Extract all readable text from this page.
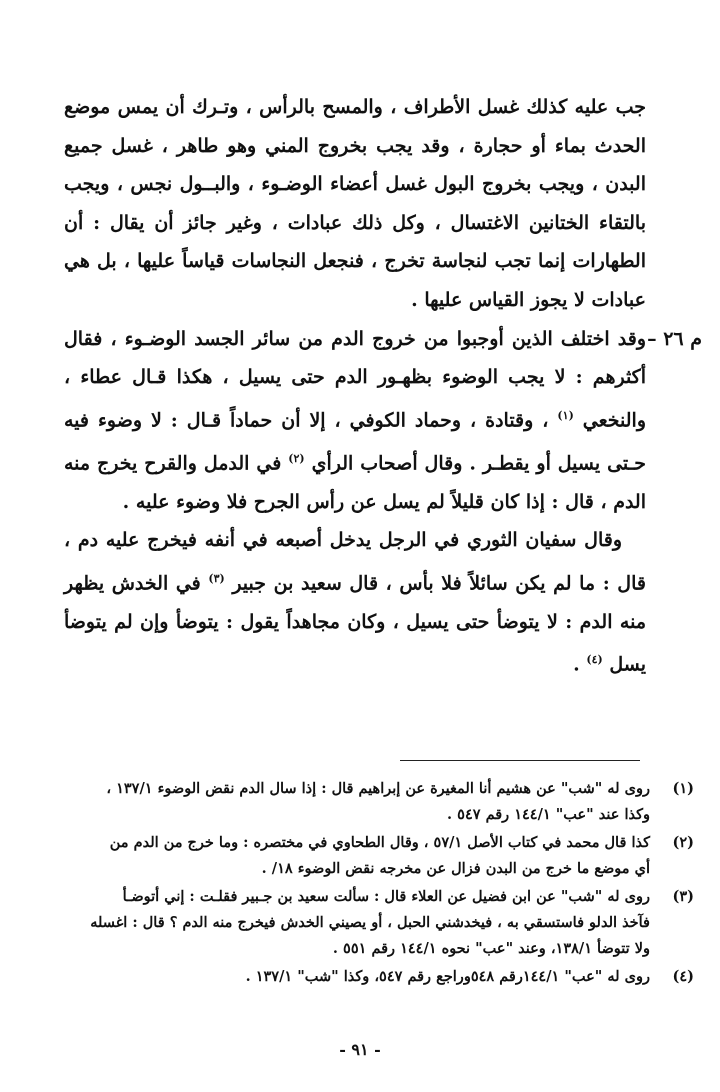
جب عليه كذلك غسل الأطراف ، والمسح بالرأس ، وتـرك أن يمس موضع الحدث بماء أو حجارة ، وقد يجب بخروج المني وهو طاهر ، غسل جميع البدن ، ويجب بخروج البول غسل أعضاء الوضـوء ، والبــول نجس ، ويجب بالتقاء الختانين الاغتسال ، وكل ذلك عبادات ، وغير جائز أن يقال : أن الطهارات إنما تجب لنجاسة تخرج ، فنجعل النجاسات قياساً عليها ، بل هي عبادات لا يجوز القياس عليها .

م ٢٦ –
وقد اختلف الذين أوجبوا من خروج الدم من سائر الجسد الوضـوء ، فقال أكثرهم : لا يجب الوضوء بظهـور الدم حتى يسيل ، هكذا قـال عطاء ، والنخعي $^{(١)}$ ، وقتادة ، وحماد الكوفي ، إلا أن حماداً قـال : لا وضوء فيه حـتى يسيل أو يقطـر . وقال أصحاب الرأي $^{(٢)}$ في الدمل والقرح يخرج منه الدم ، قال : إذا كان قليلاً لم يسل عن رأس الجرح فلا وضوء عليه .

وقال سفيان الثوري في الرجل يدخل أصبعه في أنفه فيخرج عليه دم ، قال : ما لم يكن سائلاً فلا بأس ، قال سعيد بن جبير $^{(٣)}$ في الخدش يظهر منه الدم : لا يتوضأ حتى يسيل ، وكان مجاهداً يقول : يتوضأ وإن لم يتوضأ يسل $^{(٤)}$ .

(١)
روى له "شب" عن هشيم أنا المغيرة عن إبراهيم قال : إذا سال الدم نقض الوضوء ١٣٧/١ ،
وكذا عند "عب" ١٤٤/١ رقم ٥٤٧ .
(٢)
كذا قال محمد في كتاب الأصل ٥٧/١ ، وقال الطحاوي في مختصره : وما خرج من الدم من
أي موضع ما خرج من البدن فزال عن مخرجه نقض الوضوء ١٨/ .
(٣)
روى له "شب" عن ابن فضيل عن العلاء قال : سألت سعيد بن جـبير فقلـت : إني أتوضـأ
فآخذ الدلو فاستسقي به ، فيخدشني الحبل ، أو يصيني الخدش فيخرج منه الدم ؟ قال : اغسله
ولا تتوضأ ١٣٨/١، وعند "عب" نحوه ١٤٤/١ رقم ٥٥١ .
(٤)
روى له "عب" ١٤٤/١رقم ٥٤٨وراجع رقم ٥٤٧، وكذا "شب" ١٣٧/١ .
- ٩١ -
